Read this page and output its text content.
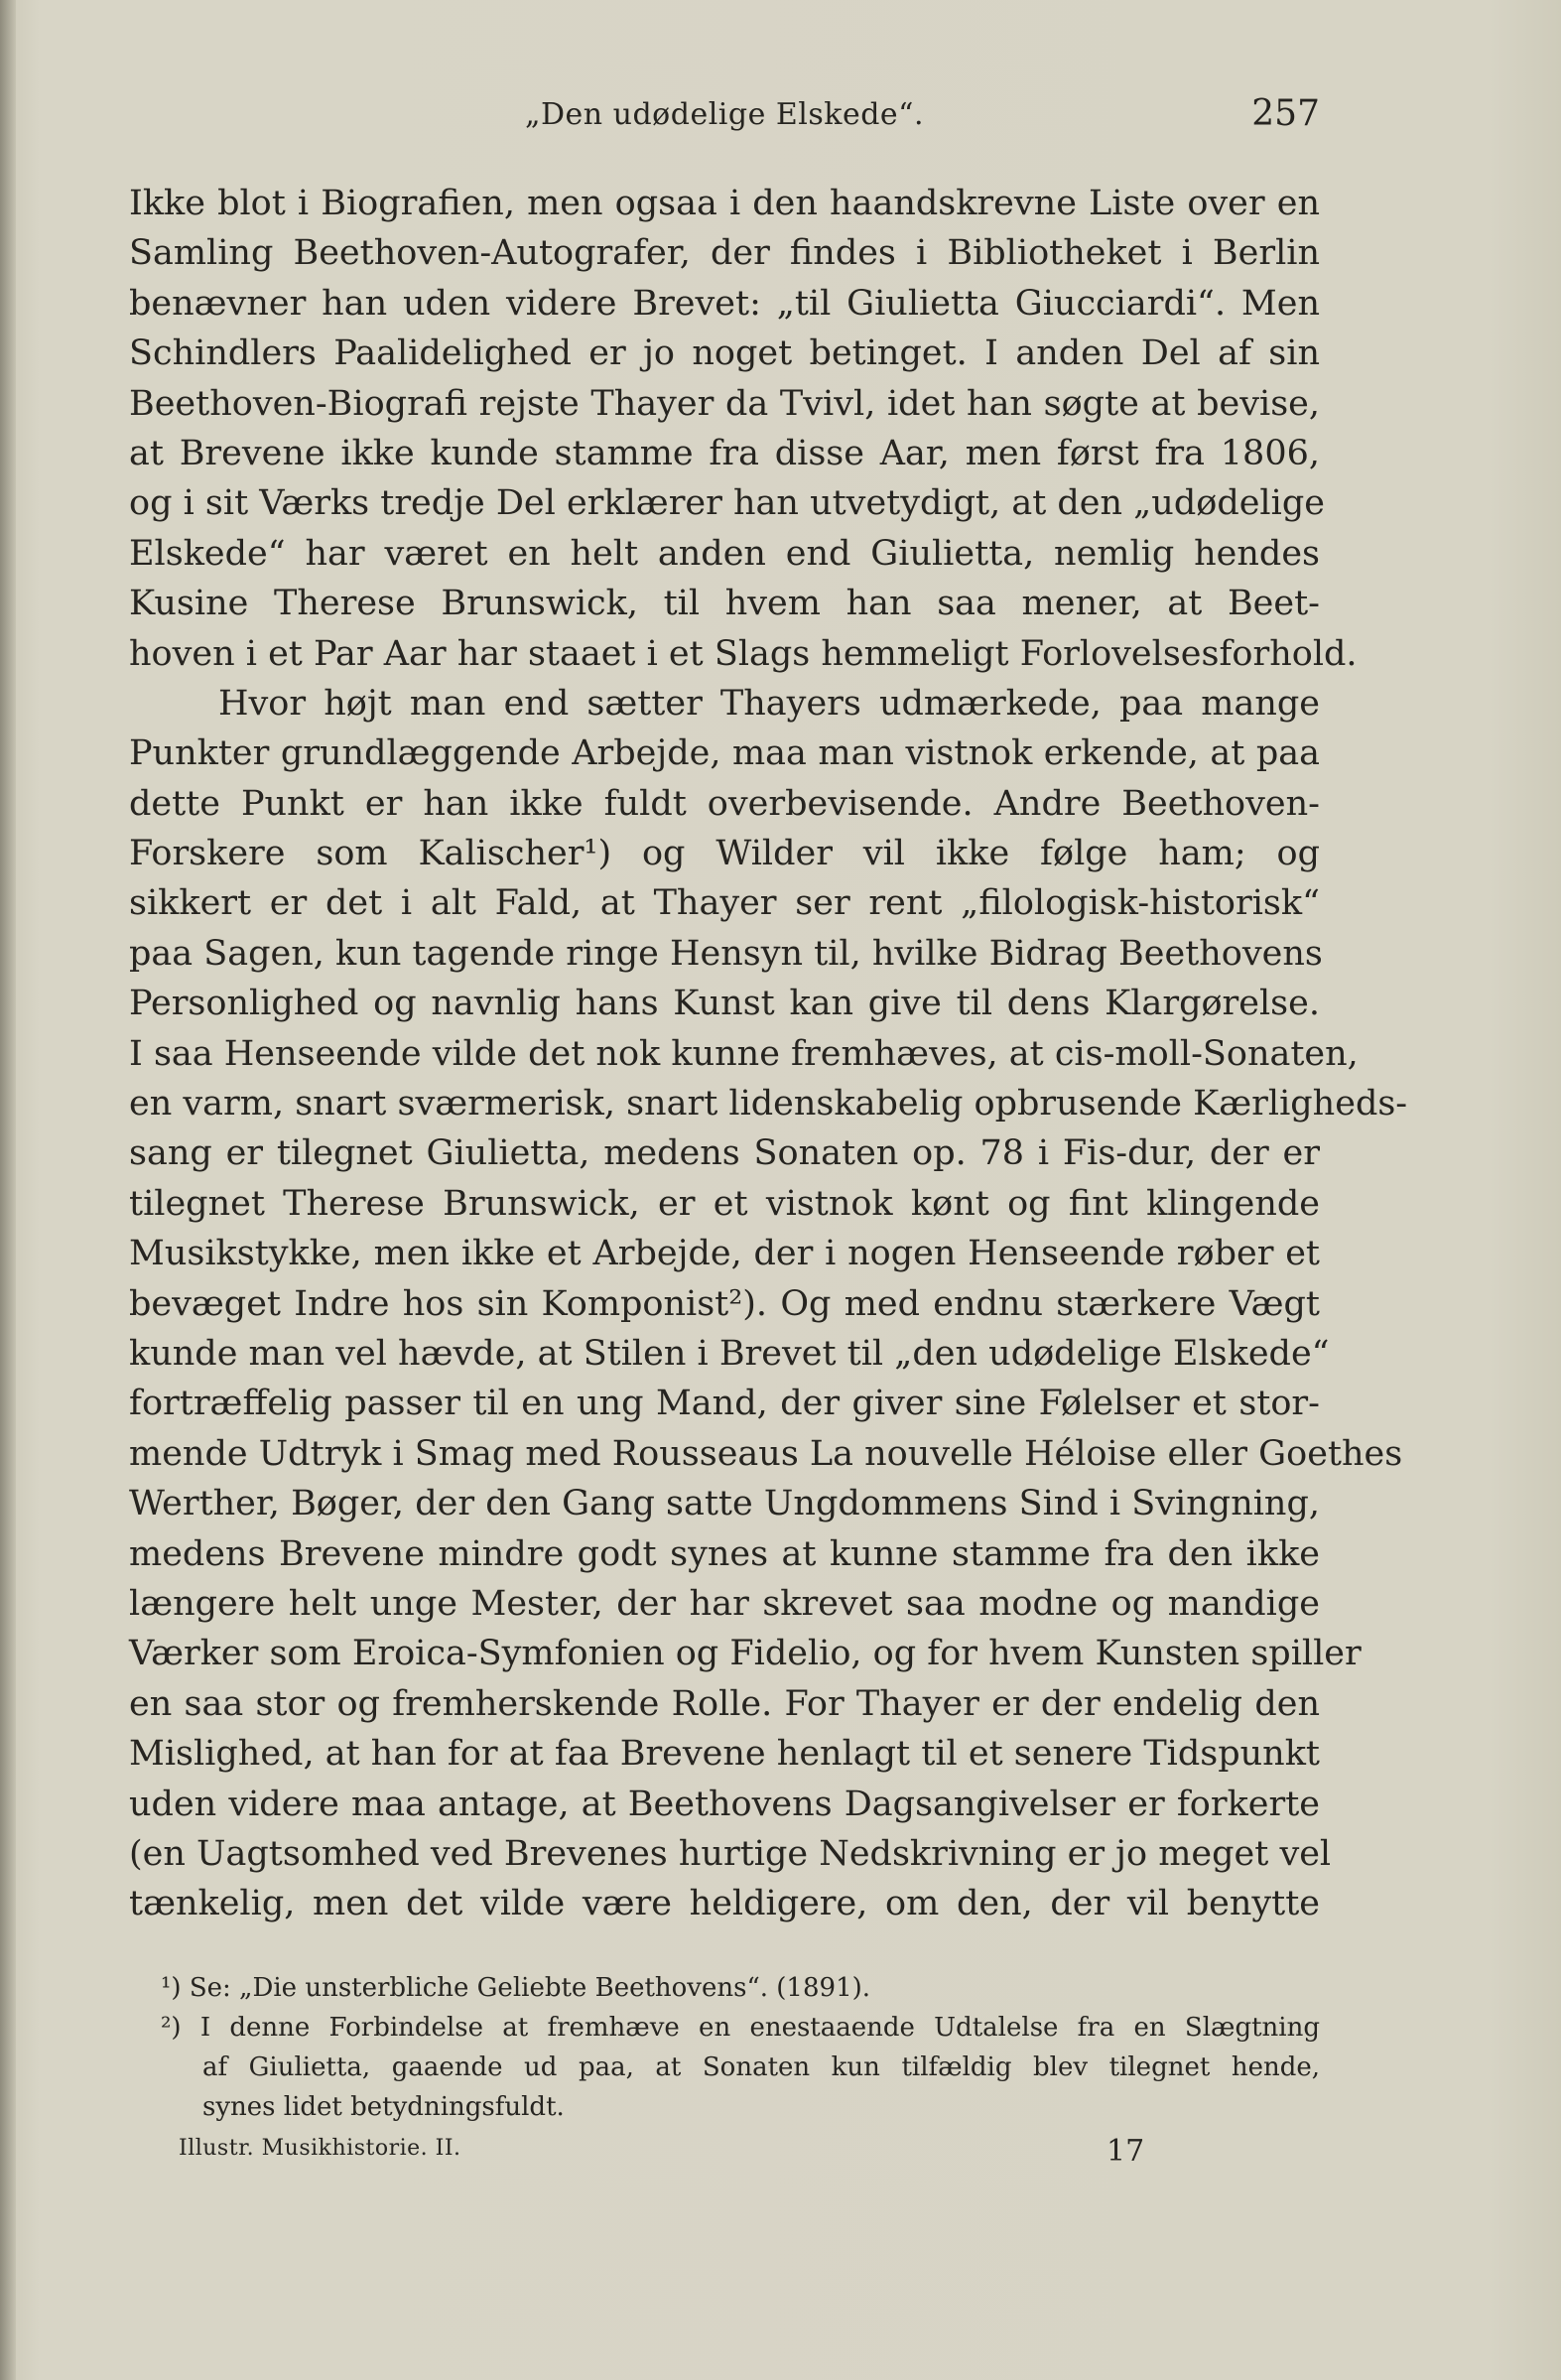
„Den udødelige Elskede“.	257
Ikke blot i Biografien, men ogsaa i den haandskrevne Liste over en
Samling Beethoven-Autografer, der findes i Bibliotheket i Berlin
benævner han uden videre Brevet: „til Giulietta Giucciardi“. Men
Schindlers Paalidelighed er jo noget betinget. I anden Del af sin
Beethoven-Biografi rejste Thayer da Tvivl, idet han søgte at bevise,
at Brevene ikke kunde stamme fra disse Aar, men først fra 1806,
og i sit Værks tredje Del erklærer han utvetydigt, at den „udødelige
Elskede“ har været en helt anden end Giulietta, nemlig hendes
Kusine Therese Brunswick, til hvem han saa mener, at Beet-
hoven i et Par Aar har staaet i et Slags hemmeligt Forlovelsesforhold.
Hvor højt man end sætter Thayers udmærkede, paa mange
Punkter grundlæggende Arbejde, maa man vistnok erkende, at paa
dette Punkt er han ikke fuldt overbevisende. Andre Beethoven-
Forskere som Kalischer¹) og Wilder vil ikke følge ham; og
sikkert er det i alt Fald, at Thayer ser rent „filologisk-historisk“
paa Sagen, kun tagende ringe Hensyn til, hvilke Bidrag Beethovens
Personlighed og navnlig hans Kunst kan give til dens Klargørelse.
I saa Henseende vilde det nok kunne fremhæves, at cis-moll-Sonaten,
en varm, snart sværmerisk, snart lidenskabelig opbrusende Kærligheds-
sang er tilegnet Giulietta, medens Sonaten op. 78 i Fis-dur, der er
tilegnet Therese Brunswick, er et vistnok kønt og fint klingende
Musikstykke, men ikke et Arbejde, der i nogen Henseende røber et
bevæget Indre hos sin Komponist²). Og med endnu stærkere Vægt
kunde man vel hævde, at Stilen i Brevet til „den udødelige Elskede“
fortræffelig passer til en ung Mand, der giver sine Følelser et stor-
mende Udtryk i Smag med Rousseaus La nouvelle Héloise eller Goethes
Werther, Bøger, der den Gang satte Ungdommens Sind i Svingning,
medens Brevene mindre godt synes at kunne stamme fra den ikke
længere helt unge Mester, der har skrevet saa modne og mandige
Værker som Eroica-Symfonien og Fidelio, og for hvem Kunsten spiller
en saa stor og fremherskende Rolle. For Thayer er der endelig den
Mislighed, at han for at faa Brevene henlagt til et senere Tidspunkt
uden videre maa antage, at Beethovens Dagsangivelser er forkerte
(en Uagtsomhed ved Brevenes hurtige Nedskrivning er jo meget vel
tænkelig, men det vilde være heldigere, om den, der vil benytte
¹) Se: „Die unsterbliche Geliebte Beethovens“. (1891).
²) I denne Forbindelse at fremhæve en enestaaende Udtalelse fra en Slægtning
af Giulietta, gaaende ud paa, at Sonaten kun tilfældig blev tilegnet hende,
synes lidet betydningsfuldt.
Illustr. Musikhistorie. II.	17
